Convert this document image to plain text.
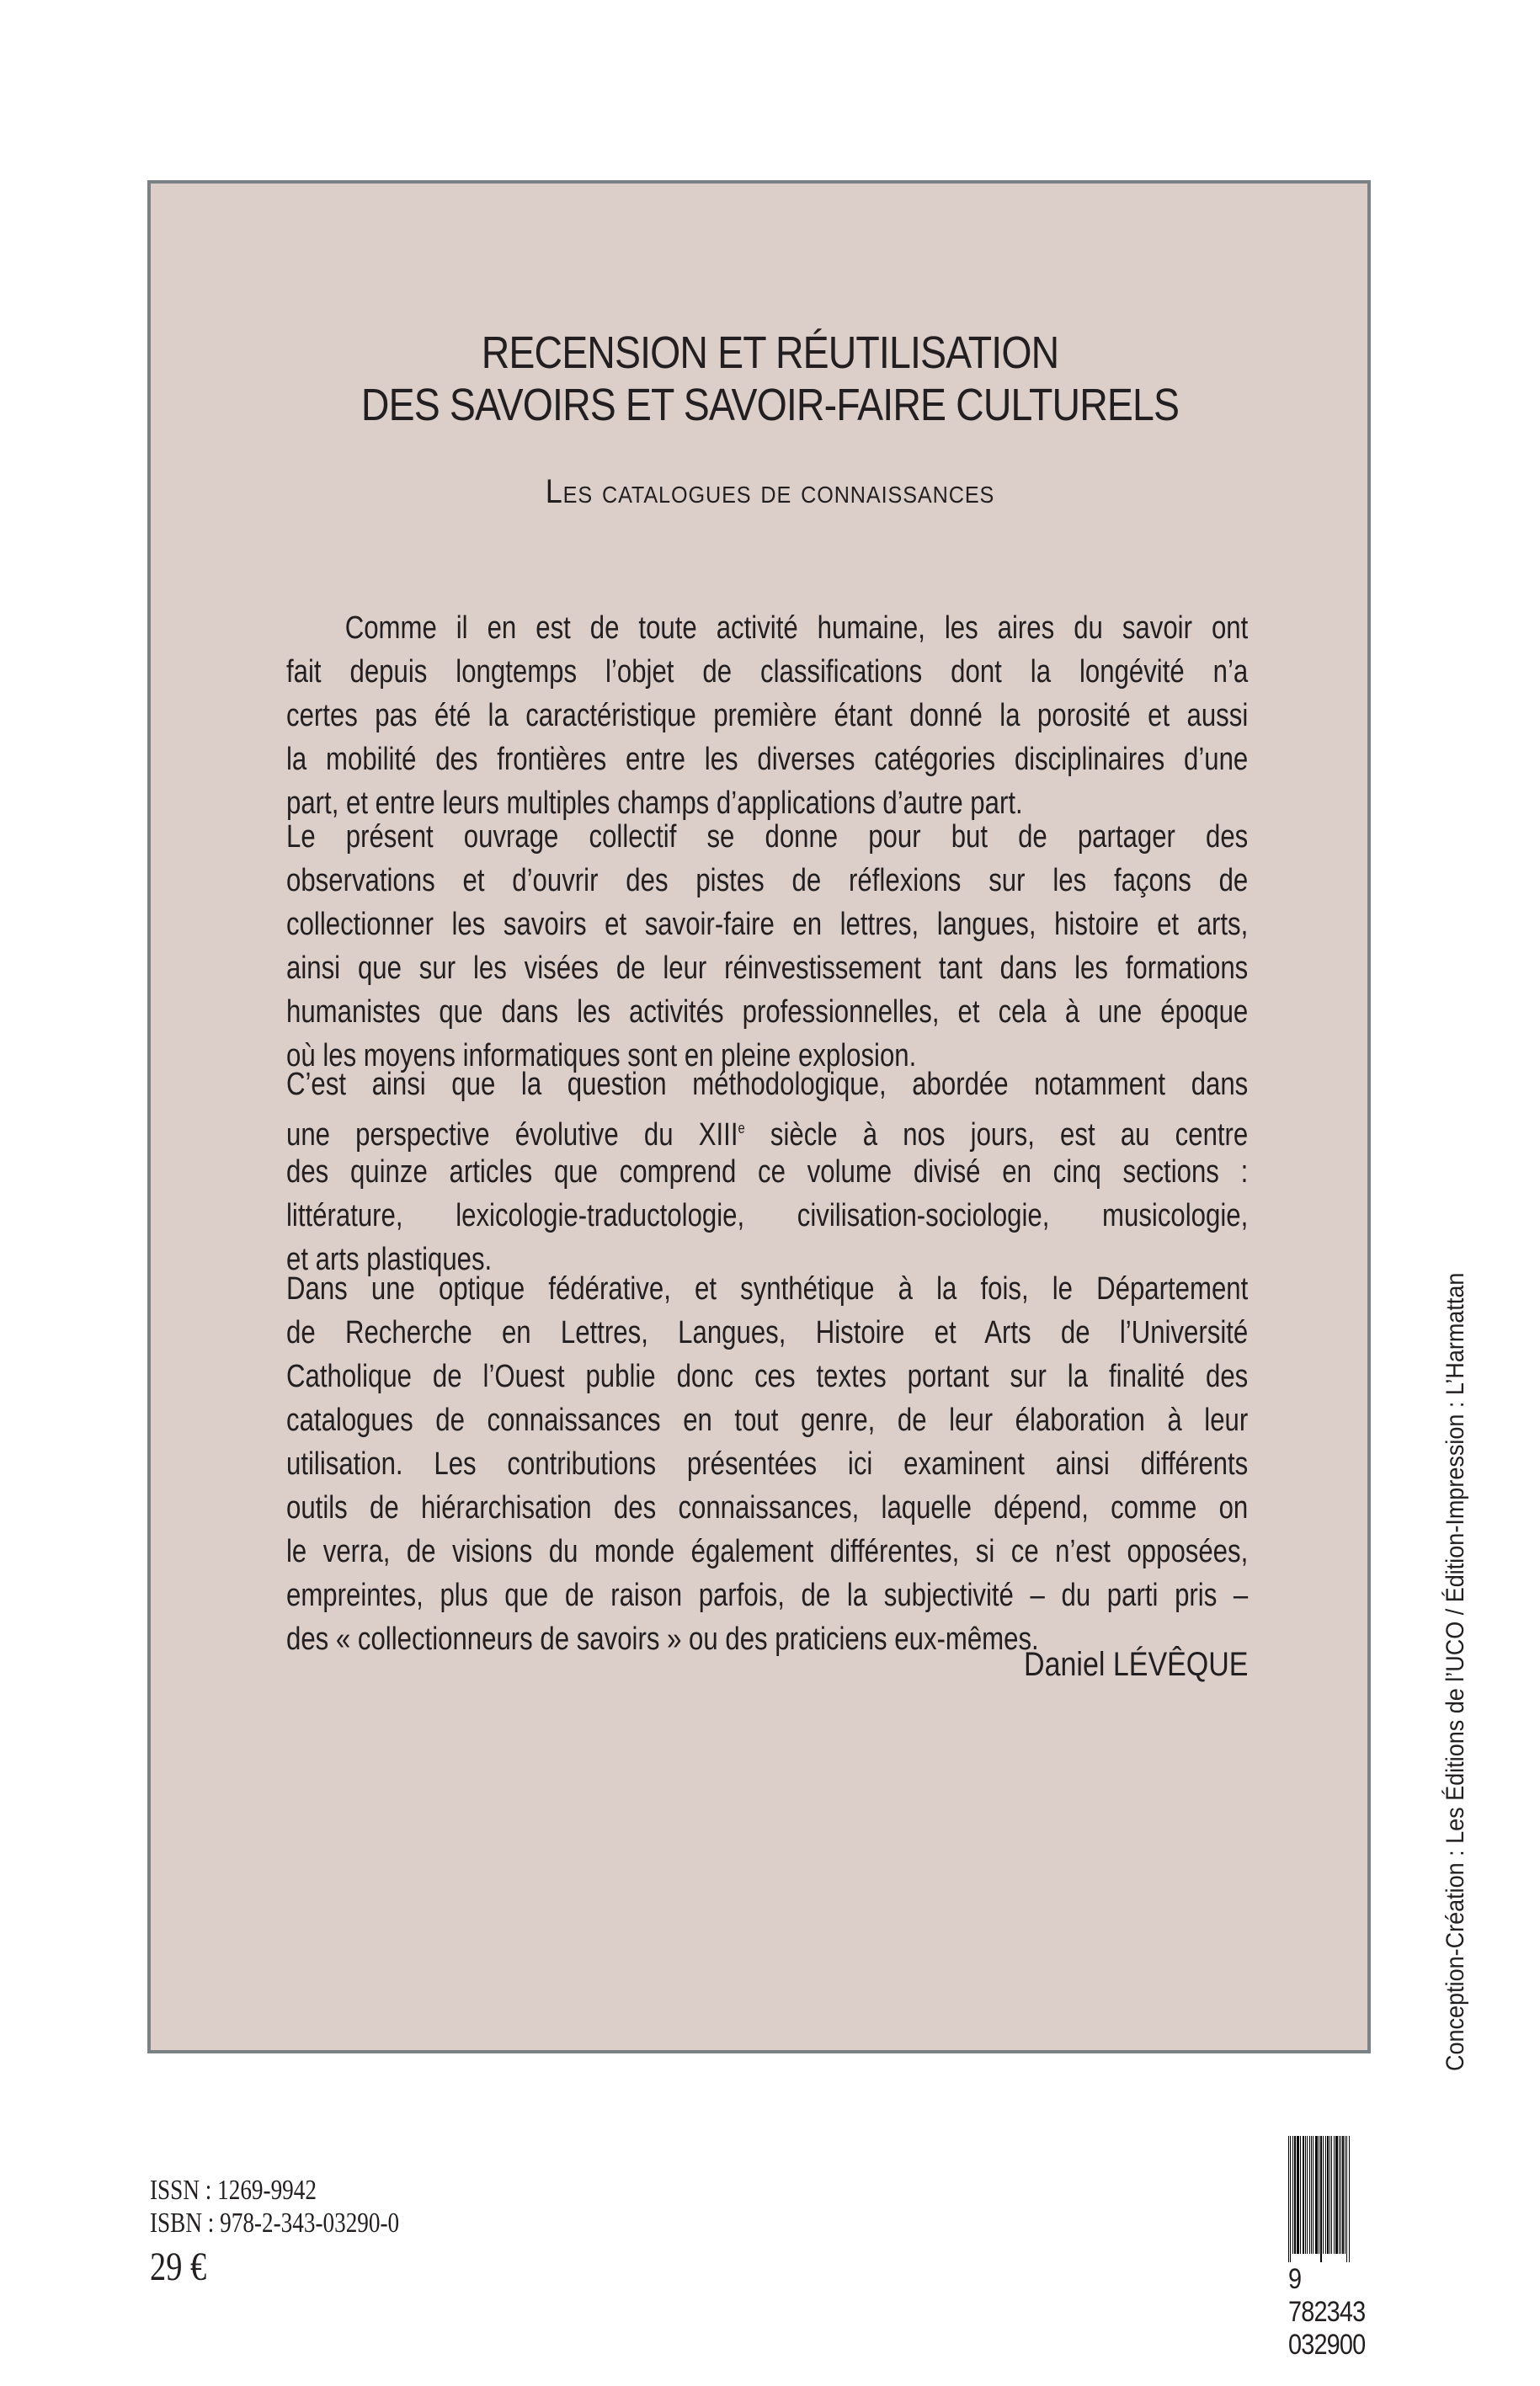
RECENSION ET RÉUTILISATION
DES SAVOIRS ET SAVOIR-FAIRE CULTURELS
Les catalogues de connaissances
Comme il en est de toute activité humaine, les aires du savoir ont
fait depuis longtemps l’objet de classifications dont la longévité n’a
certes pas été la caractéristique première étant donné la porosité et aussi
la mobilité des frontières entre les diverses catégories disciplinaires d’une
part, et entre leurs multiples champs d’applications d’autre part.
Le présent ouvrage collectif se donne pour but de partager des
observations et d’ouvrir des pistes de réflexions sur les façons de
collectionner les savoirs et savoir-faire en lettres, langues, histoire et arts,
ainsi que sur les visées de leur réinvestissement tant dans les formations
humanistes que dans les activités professionnelles, et cela à une époque
où les moyens informatiques sont en pleine explosion.
C’est ainsi que la question méthodologique, abordée notamment dans
une perspective évolutive du XIIIe siècle à nos jours, est au centre
des quinze articles que comprend ce volume divisé en cinq sections :
littérature, lexicologie-traductologie, civilisation-sociologie, musicologie,
et arts plastiques.
Dans une optique fédérative, et synthétique à la fois, le Département
de Recherche en Lettres, Langues, Histoire et Arts de l’Université
Catholique de l’Ouest publie donc ces textes portant sur la finalité des
catalogues de connaissances en tout genre, de leur élaboration à leur
utilisation. Les contributions présentées ici examinent ainsi différents
outils de hiérarchisation des connaissances, laquelle dépend, comme on
le verra, de visions du monde également différentes, si ce n’est opposées,
empreintes, plus que de raison parfois, de la subjectivité – du parti pris –
des « collectionneurs de savoirs » ou des praticiens eux-mêmes.
Daniel LÉVÊQUE	Conception-Création : Les Éditions de l’UCO / Édition-Impression : L’Harmattan
ISSN : 1269-9942
ISBN : 978-2-343-03290-0
29 €	9 782343 032900
